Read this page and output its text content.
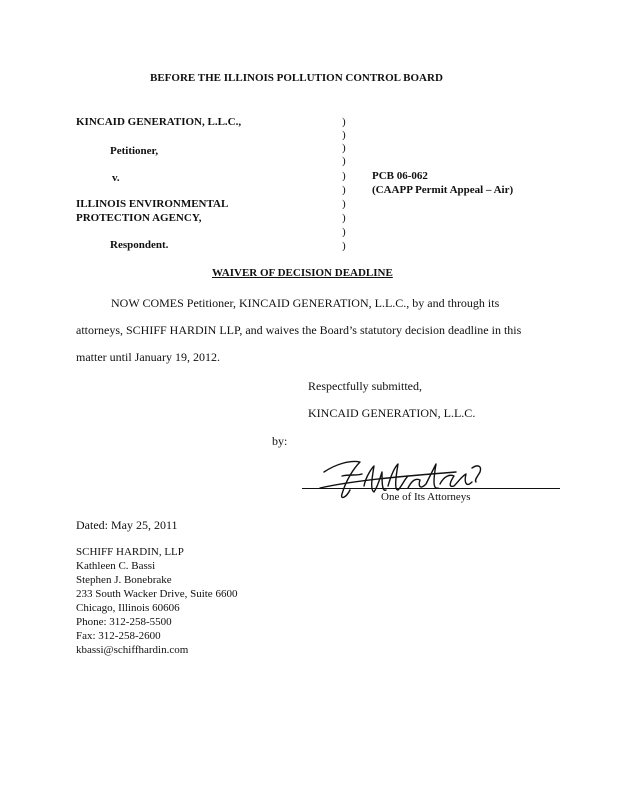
BEFORE THE ILLINOIS POLLUTION CONTROL BOARD
KINCAID GENERATION, L.L.C.,
Petitioner,
v.
ILLINOIS ENVIRONMENTAL
PROTECTION AGENCY,
Respondent.
)
)
)
)
)
)
)
)
)
)
PCB 06-062
(CAAPP Permit Appeal – Air)
WAIVER OF DECISION DEADLINE
NOW COMES Petitioner, KINCAID GENERATION, L.L.C., by and through its
attorneys, SCHIFF HARDIN LLP, and waives the Board’s statutory decision deadline in this
matter until January 19, 2012.
Respectfully submitted,
KINCAID GENERATION, L.L.C.
by:
One of Its Attorneys
Dated: May 25, 2011
SCHIFF HARDIN, LLP
Kathleen C. Bassi
Stephen J. Bonebrake
233 South Wacker Drive, Suite 6600
Chicago, Illinois 60606
Phone: 312-258-5500
Fax: 312-258-2600
kbassi@schiffhardin.com
